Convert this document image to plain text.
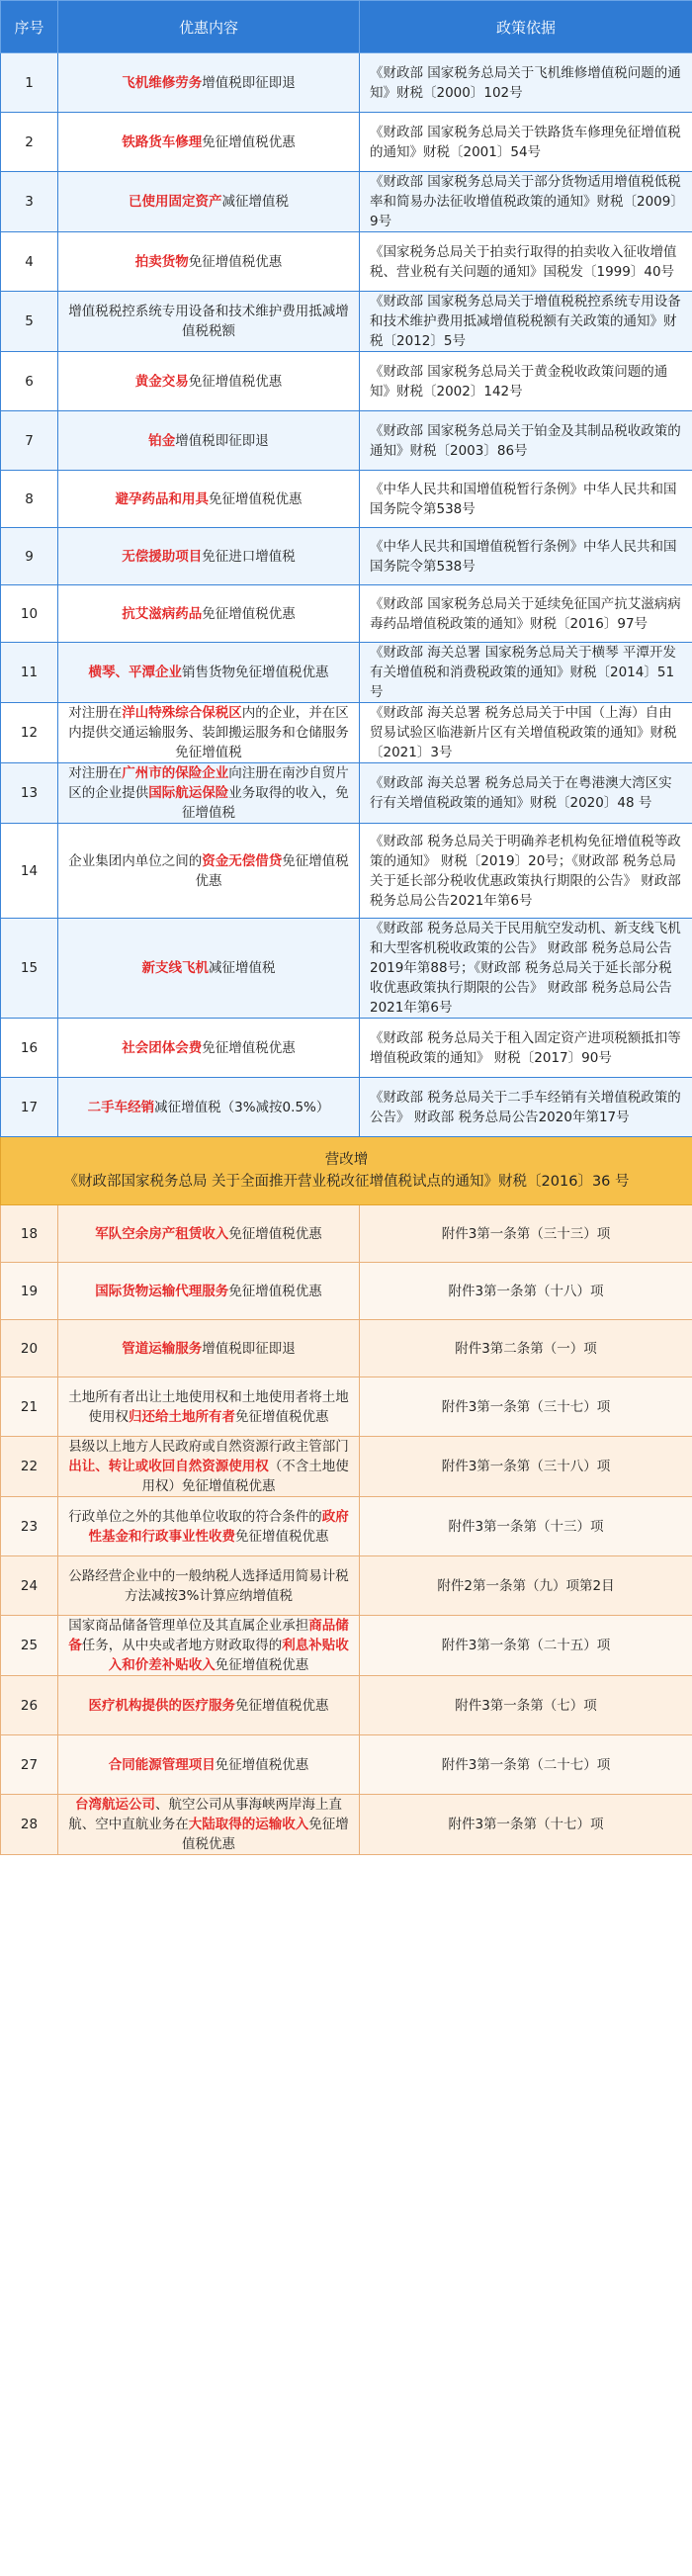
序号	优惠内容	政策依据
1	飞机维修劳务增值税即征即退	《财政部 国家税务总局关于飞机维修增值税问题的通知》财税〔2000〕102号
2	铁路货车修理免征增值税优惠	《财政部 国家税务总局关于铁路货车修理免征增值税的通知》财税〔2001〕54号
3	已使用固定资产减征增值税	《财政部 国家税务总局关于部分货物适用增值税低税率和简易办法征收增值税政策的通知》财税〔2009〕9号
4	拍卖货物免征增值税优惠	《国家税务总局关于拍卖行取得的拍卖收入征收增值税、营业税有关问题的通知》国税发〔1999〕40号
5	增值税税控系统专用设备和技术维护费用抵减增值税税额	《财政部 国家税务总局关于增值税税控系统专用设备和技术维护费用抵减增值税税额有关政策的通知》财税〔2012〕5号
6	黄金交易免征增值税优惠	《财政部 国家税务总局关于黄金税收政策问题的通知》财税〔2002〕142号
7	铂金增值税即征即退	《财政部 国家税务总局关于铂金及其制品税收政策的通知》财税〔2003〕86号
8	避孕药品和用具免征增值税优惠	《中华人民共和国增值税暂行条例》中华人民共和国国务院令第538号
9	无偿援助项目免征进口增值税	《中华人民共和国增值税暂行条例》中华人民共和国国务院令第538号
10	抗艾滋病药品免征增值税优惠	《财政部 国家税务总局关于延续免征国产抗艾滋病病毒药品增值税政策的通知》财税〔2016〕97号
11	横琴、平潭企业销售货物免征增值税优惠	《财政部 海关总署 国家税务总局关于横琴 平潭开发有关增值税和消费税政策的通知》财税〔2014〕51号
12	对注册在洋山特殊综合保税区内的企业，并在区内提供交通运输服务、装卸搬运服务和仓储服务免征增值税	《财政部 海关总署 税务总局关于中国（上海）自由贸易试验区临港新片区有关增值税政策的通知》财税〔2021〕3号
13	对注册在广州市的保险企业向注册在南沙自贸片区的企业提供国际航运保险业务取得的收入，免征增值税	《财政部 海关总署 税务总局关于在粤港澳大湾区实行有关增值税政策的通知》财税〔2020〕48 号
14	企业集团内单位之间的资金无偿借贷免征增值税优惠	《财政部 税务总局关于明确养老机构免征增值税等政策的通知》 财税〔2019〕20号；《财政部 税务总局关于延长部分税收优惠政策执行期限的公告》 财政部 税务总局公告2021年第6号
15	新支线飞机减征增值税	《财政部 税务总局关于民用航空发动机、新支线飞机和大型客机税收政策的公告》 财政部 税务总局公告2019年第88号；《财政部 税务总局关于延长部分税收优惠政策执行期限的公告》 财政部 税务总局公告2021年第6号
16	社会团体会费免征增值税优惠	《财政部 税务总局关于租入固定资产进项税额抵扣等增值税政策的通知》 财税〔2017〕90号
17	二手车经销减征增值税（3%减按0.5%）	《财政部 税务总局关于二手车经销有关增值税政策的公告》 财政部 税务总局公告2020年第17号

营改增
《财政部国家税务总局 关于全面推开营业税改征增值税试点的通知》财税〔2016〕36 号		

18	军队空余房产租赁收入免征增值税优惠	附件3第一条第（三十三）项
19	国际货物运输代理服务免征增值税优惠	附件3第一条第（十八）项
20	管道运输服务增值税即征即退	附件3第二条第（一）项
21	土地所有者出让土地使用权和土地使用者将土地使用权归还给土地所有者免征增值税优惠	附件3第一条第（三十七）项
22	县级以上地方人民政府或自然资源行政主管部门出让、转让或收回自然资源使用权（不含土地使用权）免征增值税优惠	附件3第一条第（三十八）项
23	行政单位之外的其他单位收取的符合条件的政府性基金和行政事业性收费免征增值税优惠	附件3第一条第（十三）项
24	公路经营企业中的一般纳税人选择适用简易计税方法减按3%计算应纳增值税	附件2第一条第（九）项第2目
25	国家商品储备管理单位及其直属企业承担商品储备任务，从中央或者地方财政取得的利息补贴收入和价差补贴收入免征增值税优惠	附件3第一条第（二十五）项
26	医疗机构提供的医疗服务免征增值税优惠	附件3第一条第（七）项
27	合同能源管理项目免征增值税优惠	附件3第一条第（二十七）项
28	台湾航运公司、航空公司从事海峡两岸海上直航、空中直航业务在大陆取得的运输收入免征增值税优惠	附件3第一条第（十七）项
